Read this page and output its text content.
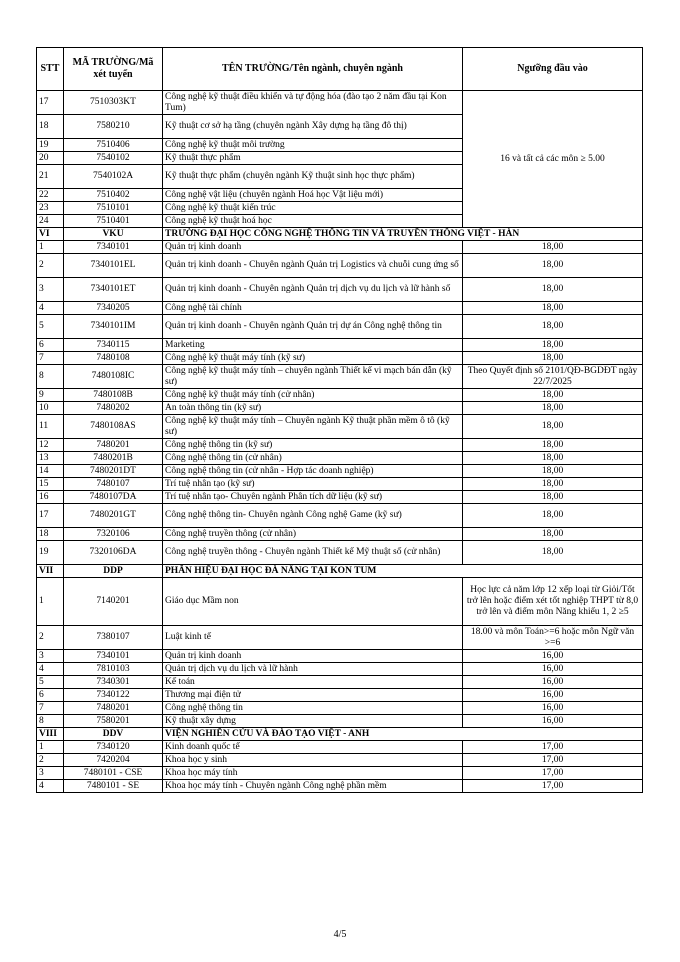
STT	MÃ TRƯỜNG/Mã xét tuyển	TÊN TRƯỜNG/Tên ngành, chuyên ngành	Ngưỡng đầu vào
17	7510303KT	Công nghệ kỹ thuật điều khiển và tự động hóa (đào tạo 2 năm đầu tại Kon Tum)	16 và tất cả các môn ≥ 5.00
18	7580210	Kỹ thuật cơ sở hạ tầng (chuyên ngành Xây dựng hạ tầng đô thị)	
19	7510406	Công nghệ kỹ thuật môi trường	
20	7540102	Kỹ thuật thực phẩm	
21	7540102A	Kỹ thuật thực phẩm (chuyên ngành Kỹ thuật sinh học thực phẩm)	
22	7510402	Công nghệ vật liệu (chuyên ngành Hoá học Vật liệu mới)	
23	7510101	Công nghệ kỹ thuật kiến trúc	
24	7510401	Công nghệ kỹ thuật hoá học	
VI	VKU	TRƯỜNG ĐẠI HỌC CÔNG NGHỆ THÔNG TIN VÀ TRUYỀN THÔNG VIỆT - HÀN	
1	7340101	Quản trị kinh doanh	18,00
2	7340101EL	Quản trị kinh doanh - Chuyên ngành Quản trị Logistics và chuỗi cung ứng số	18,00
3	7340101ET	Quản trị kinh doanh - Chuyên ngành Quản trị dịch vụ du lịch và lữ hành số	18,00
4	7340205	Công nghệ tài chính	18,00
5	7340101IM	Quản trị kinh doanh - Chuyên ngành Quản trị dự án Công nghệ thông tin	18,00
6	7340115	Marketing	18,00
7	7480108	Công nghệ kỹ thuật máy tính (kỹ sư)	18,00
8	7480108IC	Công nghệ kỹ thuật máy tính – chuyên ngành Thiết kế vi mạch bán dẫn (kỹ sư)	Theo Quyết định số 2101/QĐ-BGDĐT ngày 22/7/2025
9	7480108B	Công nghệ kỹ thuật máy tính (cử nhân)	18,00
10	7480202	An toàn thông tin (kỹ sư)	18,00
11	7480108AS	Công nghệ kỹ thuật máy tính – Chuyên ngành Kỹ thuật phần mềm ô tô (kỹ sư)	18,00
12	7480201	Công nghệ thông tin (kỹ sư)	18,00
13	7480201B	Công nghệ thông tin (cử nhân)	18,00
14	7480201DT	Công nghệ thông tin (cử nhân - Hợp tác doanh nghiệp)	18,00
15	7480107	Trí tuệ nhân tạo (kỹ sư)	18,00
16	7480107DA	Trí tuệ nhân tạo- Chuyên ngành Phân tích dữ liệu (kỹ sư)	18,00
17	7480201GT	Công nghệ thông tin- Chuyên ngành Công nghệ Game (kỹ sư)	18,00
18	7320106	Công nghệ truyền thông (cử nhân)	18,00
19	7320106DA	Công nghệ truyền thông - Chuyên ngành Thiết kế Mỹ thuật số (cử nhân)	18,00
VII	DDP	PHÂN HIỆU ĐẠI HỌC ĐÀ NẴNG TẠI KON TUM	
1	7140201	Giáo dục Mầm non	Học lực cả năm lớp 12 xếp loại từ Giỏi/Tốt trở lên hoặc điểm xét tốt nghiệp THPT từ 8,0 trở lên và điểm môn Năng khiếu 1, 2 ≥5
2	7380107	Luật kinh tế	18.00 và môn Toán>=6 hoặc môn Ngữ văn >=6
3	7340101	Quản trị kinh doanh	16,00
4	7810103	Quản trị dịch vụ du lịch và lữ hành	16,00
5	7340301	Kế toán	16,00
6	7340122	Thương mại điện tử	16,00
7	7480201	Công nghệ thông tin	16,00
8	7580201	Kỹ thuật xây dựng	16,00
VIII	DDV	VIỆN NGHIÊN CỨU VÀ ĐÀO TẠO VIỆT - ANH	
1	7340120	Kinh doanh quốc tế	17,00
2	7420204	Khoa học y sinh	17,00
3	7480101 - CSE	Khoa học máy tính	17,00
4	7480101 - SE	Khoa học máy tính - Chuyên ngành Công nghệ phần mềm	17,00
4/5
